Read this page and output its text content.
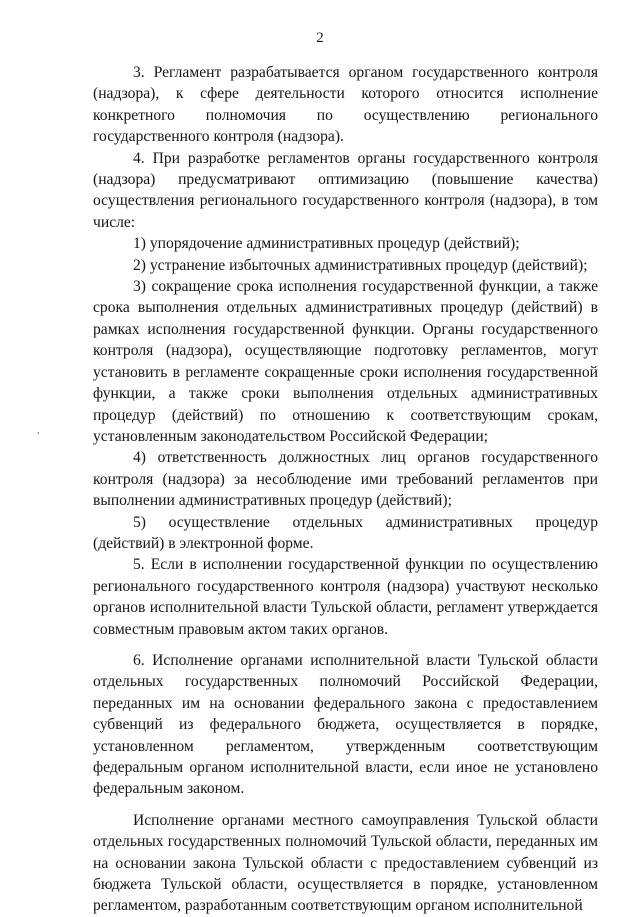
2
,

3. Регламент разрабатывается органом государственного контроля (надзора), к сфере деятельности которого относится исполнение конкретного полномочия по осуществлению регионального государственного контроля (надзора).

4. При разработке регламентов органы государственного контроля (надзора) предусматривают оптимизацию (повышение качества) осуществления регионального государственного контроля (надзора), в том числе:

1) упорядочение административных процедур (действий);

2) устранение избыточных административных процедур (действий);

3) сокращение срока исполнения государственной функции, а также срока выполнения отдельных административных процедур (действий) в рамках исполнения государственной функции. Органы государственного контроля (надзора), осуществляющие подготовку регламентов, могут установить в регламенте сокращенные сроки исполнения государственной функции, а также сроки выполнения отдельных административных процедур (действий) по отношению к соответствующим срокам, установленным законодательством Российской Федерации;

4) ответственность должностных лиц органов государственного контроля (надзора) за несоблюдение ими требований регламентов при выполнении административных процедур (действий);

5) осуществление отдельных административных процедур (действий) в электронной форме.

5. Если в исполнении государственной функции по осуществлению регионального государственного контроля (надзора) участвуют несколько органов исполнительной власти Тульской области, регламент утверждается совместным правовым актом таких органов.

6. Исполнение органами исполнительной власти Тульской области отдельных государственных полномочий Российской Федерации, переданных им на основании федерального закона с предоставлением субвенций из федерального бюджета, осуществляется в порядке, установленном регламентом, утвержденным соответствующим федеральным органом исполнительной власти, если иное не установлено федеральным законом.

Исполнение органами местного самоуправления Тульской области отдельных государственных полномочий Тульской области, переданных им на основании закона Тульской области с предоставлением субвенций из бюджета Тульской области, осуществляется в порядке, установленном регламентом, разработанным соответствующим органом исполнительной
